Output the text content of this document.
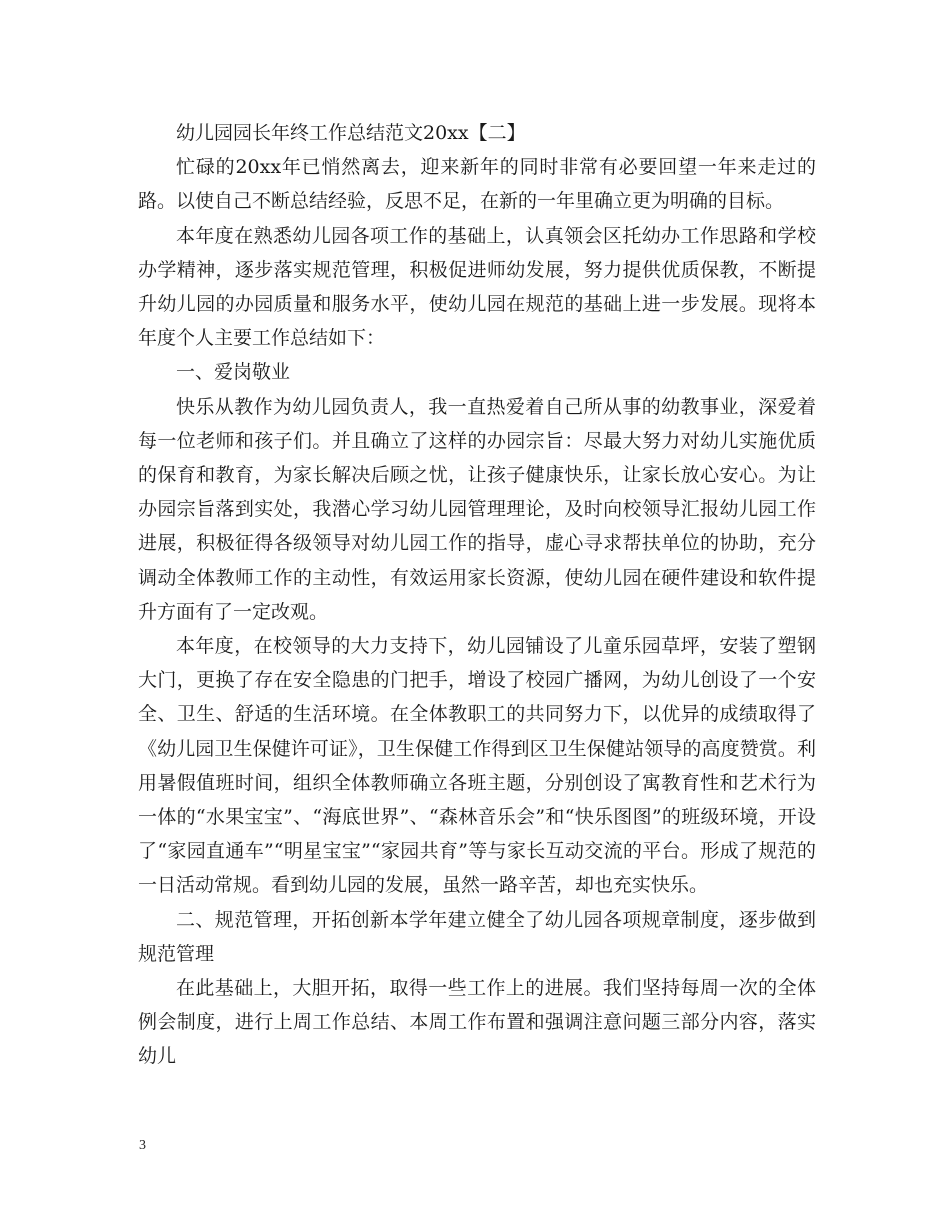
幼儿园园长年终工作总结范文20xx【二】

忙碌的20xx年已悄然离去，迎来新年的同时非常有必要回望一年来走过的路。以使自己不断总结经验，反思不足，在新的一年里确立更为明确的目标。

本年度在熟悉幼儿园各项工作的基础上，认真领会区托幼办工作思路和学校办学精神，逐步落实规范管理，积极促进师幼发展，努力提供优质保教，不断提升幼儿园的办园质量和服务水平，使幼儿园在规范的基础上进一步发展。现将本年度个人主要工作总结如下：

一、爱岗敬业

快乐从教作为幼儿园负责人，我一直热爱着自己所从事的幼教事业，深爱着每一位老师和孩子们。并且确立了这样的办园宗旨：尽最大努力对幼儿实施优质的保育和教育，为家长解决后顾之忧，让孩子健康快乐，让家长放心安心。为让办园宗旨落到实处，我潜心学习幼儿园管理理论，及时向校领导汇报幼儿园工作进展，积极征得各级领导对幼儿园工作的指导，虚心寻求帮扶单位的协助，充分调动全体教师工作的主动性，有效运用家长资源，使幼儿园在硬件建设和软件提升方面有了一定改观。

本年度，在校领导的大力支持下，幼儿园铺设了儿童乐园草坪，安装了塑钢大门，更换了存在安全隐患的门把手，增设了校园广播网，为幼儿创设了一个安全、卫生、舒适的生活环境。在全体教职工的共同努力下，以优异的成绩取得了《幼儿园卫生保健许可证》，卫生保健工作得到区卫生保健站领导的高度赞赏。利用暑假值班时间，组织全体教师确立各班主题，分别创设了寓教育性和艺术行为一体的“水果宝宝”、“海底世界”、“森林音乐会”和“快乐图图”的班级环境，开设了“家园直通车”“明星宝宝”“家园共育”等与家长互动交流的平台。形成了规范的一日活动常规。看到幼儿园的发展，虽然一路辛苦，却也充实快乐。

二、规范管理，开拓创新本学年建立健全了幼儿园各项规章制度，逐步做到规范管理

在此基础上，大胆开拓，取得一些工作上的进展。我们坚持每周一次的全体例会制度，进行上周工作总结、本周工作布置和强调注意问题三部分内容，落实幼儿

3
